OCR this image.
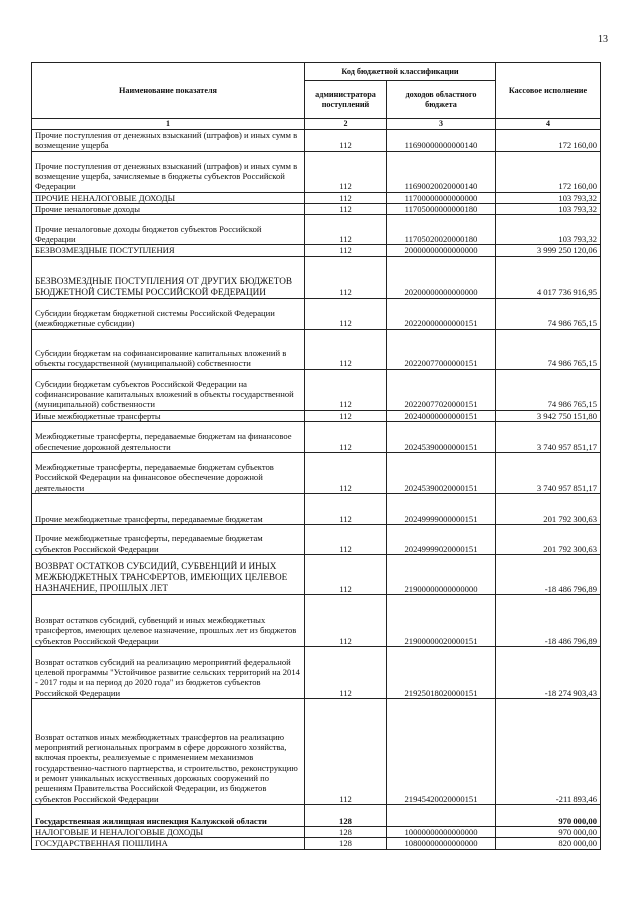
13
Наименование показателя	Код бюджетной классификации		Кассовое исполнение
	администратора поступлений	доходов областного бюджета	
1	2	3	4
Прочие поступления от денежных взысканий (штрафов) и иных сумм в возмещение ущерба	112	11690000000000140	172 160,00
Прочие поступления от денежных взысканий (штрафов) и иных сумм в возмещение ущерба, зачисляемые в бюджеты субъектов Российской Федерации	112	11690020020000140	172 160,00
ПРОЧИЕ НЕНАЛОГОВЫЕ ДОХОДЫ	112	11700000000000000	103 793,32
Прочие неналоговые доходы	112	11705000000000180	103 793,32
Прочие неналоговые доходы бюджетов субъектов Российской Федерации	112	11705020020000180	103 793,32
БЕЗВОЗМЕЗДНЫЕ ПОСТУПЛЕНИЯ	112	20000000000000000	3 999 250 120,06
БЕЗВОЗМЕЗДНЫЕ ПОСТУПЛЕНИЯ ОТ ДРУГИХ БЮДЖЕТОВ БЮДЖЕТНОЙ СИСТЕМЫ РОССИЙСКОЙ ФЕДЕРАЦИИ	112	20200000000000000	4 017 736 916,95
Субсидии бюджетам бюджетной системы Российской Федерации (межбюджетные субсидии)	112	20220000000000151	74 986 765,15
Субсидии бюджетам на софинансирование капитальных вложений в объекты государственной (муниципальной) собственности	112	20220077000000151	74 986 765,15
Субсидии бюджетам субъектов Российской Федерации на софинансирование капитальных вложений в объекты государственной (муниципальной) собственности	112	20220077020000151	74 986 765,15
Иные межбюджетные трансферты	112	20240000000000151	3 942 750 151,80
Межбюджетные трансферты, передаваемые бюджетам на финансовое обеспечение дорожной деятельности	112	20245390000000151	3 740 957 851,17
Межбюджетные трансферты, передаваемые бюджетам субъектов Российской Федерации на финансовое обеспечение дорожной деятельности	112	20245390020000151	3 740 957 851,17
Прочие межбюджетные трансферты, передаваемые бюджетам	112	20249999000000151	201 792 300,63
Прочие межбюджетные трансферты, передаваемые бюджетам субъектов Российской Федерации	112	20249999020000151	201 792 300,63
ВОЗВРАТ ОСТАТКОВ СУБСИДИЙ, СУБВЕНЦИЙ И ИНЫХ МЕЖБЮДЖЕТНЫХ ТРАНСФЕРТОВ, ИМЕЮЩИХ ЦЕЛЕВОЕ НАЗНАЧЕНИЕ, ПРОШЛЫХ ЛЕТ	112	21900000000000000	-18 486 796,89
Возврат остатков субсидий, субвенций и иных межбюджетных трансфертов, имеющих целевое назначение, прошлых лет из бюджетов субъектов Российской Федерации	112	21900000020000151	-18 486 796,89
Возврат остатков субсидий на реализацию мероприятий федеральной целевой программы "Устойчивое развитие сельских территорий на 2014 - 2017 годы и на период до 2020 года" из бюджетов субъектов Российской Федерации	112	21925018020000151	-18 274 903,43
Возврат остатков иных межбюджетных трансфертов на реализацию мероприятий региональных программ в сфере дорожного хозяйства, включая проекты, реализуемые с применением механизмов государственно-частного партнерства, и строительство, реконструкцию и ремонт уникальных искусственных дорожных сооружений по решениям Правительства Российской Федерации, из бюджетов субъектов Российской Федерации	112	21945420020000151	-211 893,46
Государственная жилищная инспекция Калужской области	128		970 000,00
НАЛОГОВЫЕ И НЕНАЛОГОВЫЕ ДОХОДЫ	128	10000000000000000	970 000,00
ГОСУДАРСТВЕННАЯ ПОШЛИНА	128	10800000000000000	820 000,00
